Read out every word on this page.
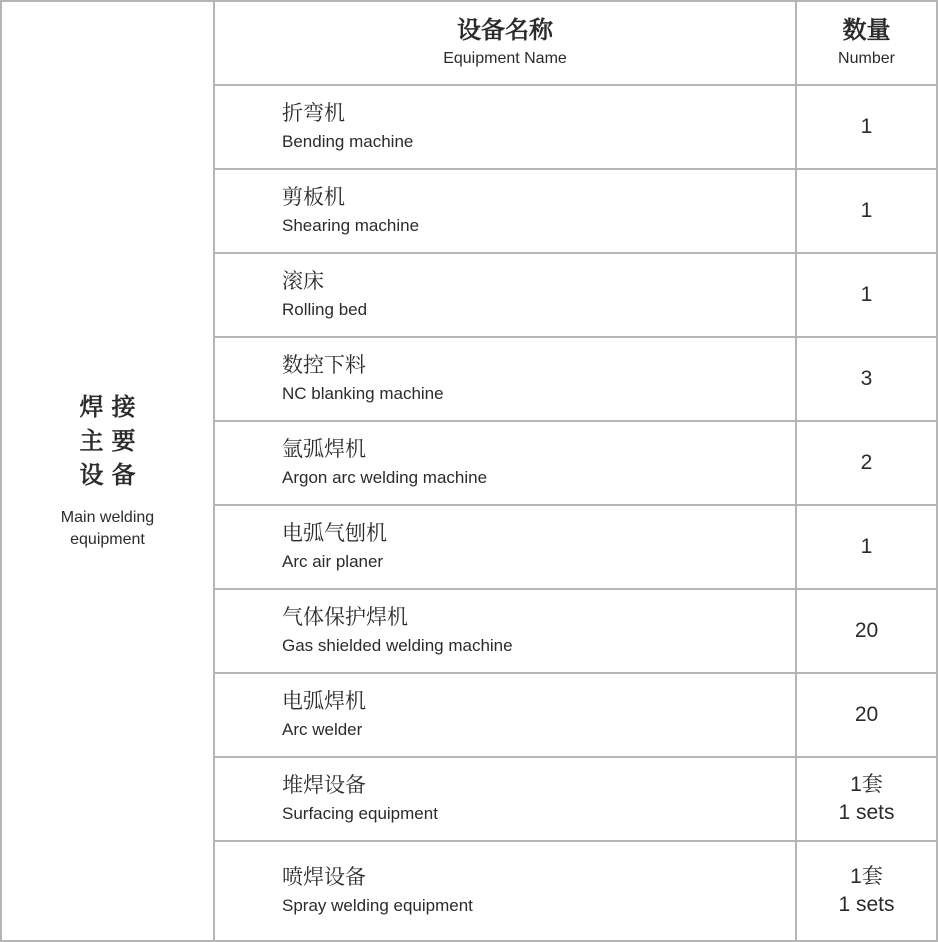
焊接
主要
设备
Main welding
equipment
设备名称
Equipment Name
数量
Number
折弯机
Bending machine
1
剪板机
Shearing machine
1
滚床
Rolling bed
1
数控下料
NC blanking machine
3
氩弧焊机
Argon arc welding machine
2
电弧气刨机
Arc air planer
1
气体保护焊机
Gas shielded welding machine
20
电弧焊机
Arc welder
20
堆焊设备
Surfacing equipment
1套
1 sets
喷焊设备
Spray welding equipment
1套
1 sets
